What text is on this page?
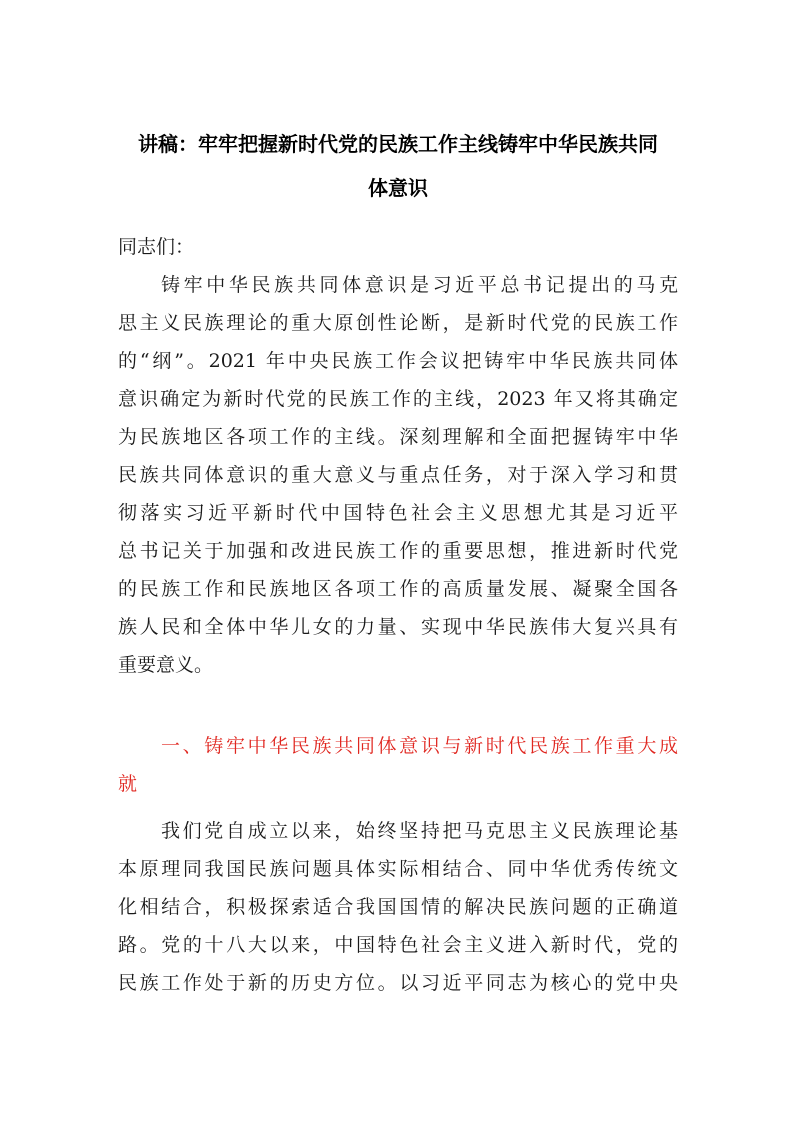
讲稿：牢牢把握新时代党的民族工作主线铸牢中华民族共同
体意识
同志们：
铸牢中华民族共同体意识是习近平总书记提出的马克
思主义民族理论的重大原创性论断，是新时代党的民族工作
的“纲”。2021 年中央民族工作会议把铸牢中华民族共同体
意识确定为新时代党的民族工作的主线，2023 年又将其确定
为民族地区各项工作的主线。深刻理解和全面把握铸牢中华
民族共同体意识的重大意义与重点任务，对于深入学习和贯
彻落实习近平新时代中国特色社会主义思想尤其是习近平
总书记关于加强和改进民族工作的重要思想，推进新时代党
的民族工作和民族地区各项工作的高质量发展、凝聚全国各
族人民和全体中华儿女的力量、实现中华民族伟大复兴具有
重要意义。
一、铸牢中华民族共同体意识与新时代民族工作重大成
就
我们党自成立以来，始终坚持把马克思主义民族理论基
本原理同我国民族问题具体实际相结合、同中华优秀传统文
化相结合，积极探索适合我国国情的解决民族问题的正确道
路。党的十八大以来，中国特色社会主义进入新时代，党的
民族工作处于新的历史方位。以习近平同志为核心的党中央
